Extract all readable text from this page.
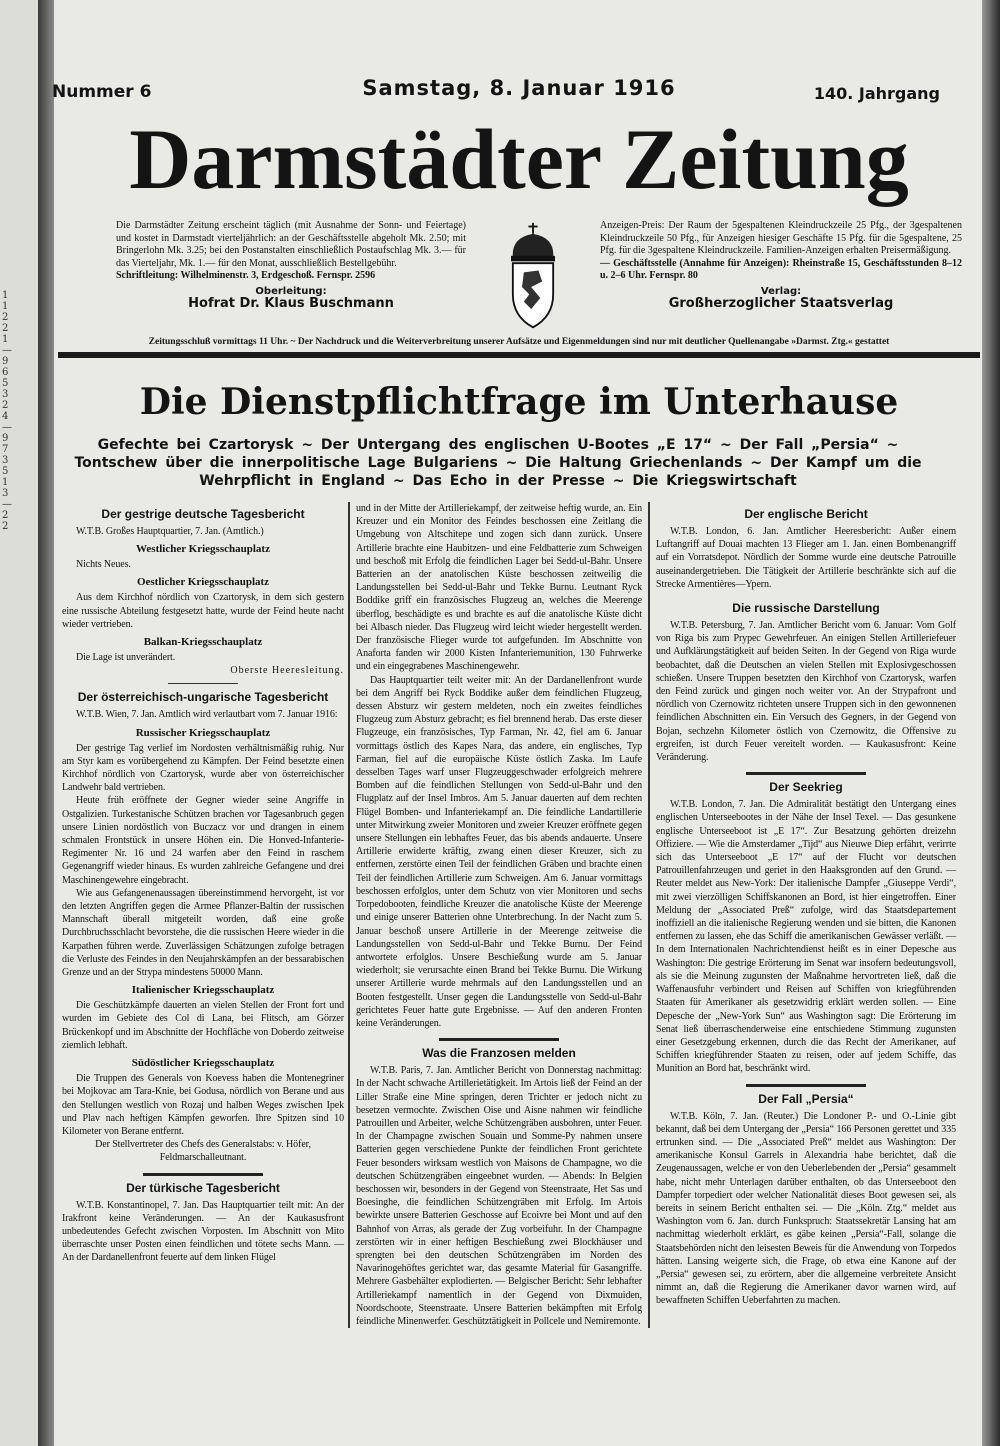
1 1 2 2 1 — 9 6 5 3 2 4 — 9 7 3 5 1 3 — 2 2
Nummer 6	Samstag, 8. Januar 1916	140. Jahrgang
Darmstädter Zeitung
Die Darmstädter Zeitung erscheint täglich (mit Ausnahme der Sonn- und Feiertage) und kostet in Darmstadt vierteljährlich: an der Geschäftsstelle abgeholt Mk. 2.50; mit Bringerlohn Mk. 3.25; bei den Postanstalten einschließlich Postaufschlag Mk. 3.— für das Vierteljahr, Mk. 1.— für den Monat, ausschließlich Bestellgebühr.
Schriftleitung: Wilhelminenstr. 3, Erdgeschoß. Fernspr. 2596
Oberleitung:
Hofrat Dr. Klaus Buschmann
Anzeigen-Preis: Der Raum der 5gespaltenen Kleindruckzeile 25 Pfg., der 3gespaltenen Kleindruckzeile 50 Pfg., für Anzeigen hiesiger Geschäfte 15 Pfg. für die 5gespaltene, 25 Pfg. für die 3gespaltene Kleindruckzeile. Familien-Anzeigen erhalten Preisermäßigung.
— Geschäftsstelle (Annahme für Anzeigen): Rheinstraße 15, Geschäftsstunden 8–12 u. 2–6 Uhr. Fernspr. 80
Verlag:
Großherzoglicher Staatsverlag
Zeitungsschluß vormittags 11 Uhr. ~ Der Nachdruck und die Weiterverbreitung unserer Aufsätze und Eigenmeldungen sind nur mit deutlicher Quellenangabe »Darmst. Ztg.« gestattet
Die Dienstpflichtfrage im Unterhause
Gefechte bei Czartorysk ~ Der Untergang des englischen U-Bootes „E 17“ ~ Der Fall „Persia“ ~ Tontschew über die innerpolitische Lage Bulgariens ~ Die Haltung Griechenlands ~ Der Kampf um die Wehrpflicht in England ~ Das Echo in der Presse ~ Die Kriegswirtschaft
Der gestrige deutsche Tagesbericht

W.T.B. Großes Hauptquartier, 7. Jan. (Amtlich.)

Westlicher Kriegsschauplatz

Nichts Neues.

Oestlicher Kriegsschauplatz

Aus dem Kirchhof nördlich von Czartorysk, in dem sich gestern eine russische Abteilung festgesetzt hatte, wurde der Feind heute nacht wieder vertrieben.

Balkan-Kriegsschauplatz

Die Lage ist unverändert.

Oberste Heeresleitung.
Der österreichisch-ungarische Tagesbericht

W.T.B. Wien, 7. Jan. Amtlich wird verlautbart vom 7. Januar 1916:

Russischer Kriegsschauplatz

Der gestrige Tag verlief im Nordosten verhältnismäßig ruhig. Nur am Styr kam es vorübergehend zu Kämpfen. Der Feind besetzte einen Kirchhof nördlich von Czartorysk, wurde aber von österreichischer Landwehr bald vertrieben.

Heute früh eröffnete der Gegner wieder seine Angriffe in Ostgalizien. Turkestanische Schützen brachen vor Tagesanbruch gegen unsere Linien nordöstlich von Buczacz vor und drangen in einem schmalen Frontstück in unsere Höhen ein. Die Honved-Infanterie-Regimenter Nr. 16 und 24 warfen aber den Feind in raschem Gegenangriff wieder hinaus. Es wurden zahlreiche Gefangene und drei Maschinengewehre eingebracht.

Wie aus Gefangenenaussagen übereinstimmend hervorgeht, ist vor den letzten Angriffen gegen die Armee Pflanzer-Baltin der russischen Mannschaft überall mitgeteilt worden, daß eine große Durchbruchsschlacht bevorstehe, die die russischen Heere wieder in die Karpathen führen werde. Zuverlässigen Schätzungen zufolge betragen die Verluste des Feindes in den Neujahrskämpfen an der bessarabischen Grenze und an der Strypa mindestens 50000 Mann.

Italienischer Kriegsschauplatz

Die Geschützkämpfe dauerten an vielen Stellen der Front fort und wurden im Gebiete des Col di Lana, bei Flitsch, am Görzer Brückenkopf und im Abschnitte der Hochfläche von Doberdo zeitweise ziemlich lebhaft.

Südöstlicher Kriegsschauplatz

Die Truppen des Generals von Koevess haben die Montenegriner bei Mojkovac am Tara-Knie, bei Godusa, nördlich von Berane und aus den Stellungen westlich von Rozaj und halben Weges zwischen Ipek und Plav nach heftigen Kämpfen geworfen. Ihre Spitzen sind 10 Kilometer von Berane entfernt.

Der Stellvertreter des Chefs des Generalstabs: v. Höfer, Feldmarschalleutnant.

Der türkische Tagesbericht

W.T.B. Konstantinopel, 7. Jan. Das Hauptquartier teilt mit: An der Irakfront keine Veränderungen. — An der Kaukasusfront unbedeutendes Gefecht zwischen Vorposten. Im Abschnitt von Mito überraschte unser Posten einen feindlichen und tötete sechs Mann. — An der Dardanellenfront feuerte auf dem linken Flügel

und in der Mitte der Artilleriekampf, der zeitweise heftig wurde, an. Ein Kreuzer und ein Monitor des Feindes beschossen eine Zeitlang die Umgebung von Altschitepe und zogen sich dann zurück. Unsere Artillerie brachte eine Haubitzen- und eine Feldbatterie zum Schweigen und beschoß mit Erfolg die feindlichen Lager bei Sedd-ul-Bahr. Unsere Batterien an der anatolischen Küste beschossen zeitweilig die Landungsstellen bei Sedd-ul-Bahr und Tekke Burnu. Leutnant Ryck Boddike griff ein französisches Flugzeug an, welches die Meerenge überflog, beschädigte es und brachte es auf die anatolische Küste dicht bei Albasch nieder. Das Flugzeug wird leicht wieder hergestellt werden. Der französische Flieger wurde tot aufgefunden. Im Abschnitte von Anaforta fanden wir 2000 Kisten Infanteriemunition, 130 Fuhrwerke und ein eingegrabenes Maschinengewehr.

Das Hauptquartier teilt weiter mit: An der Dardanellenfront wurde bei dem Angriff bei Ryck Boddike außer dem feindlichen Flugzeug, dessen Absturz wir gestern meldeten, noch ein zweites feindliches Flugzeug zum Absturz gebracht; es fiel brennend herab. Das erste dieser Flugzeuge, ein französisches, Typ Farman, Nr. 42, fiel am 6. Januar vormittags östlich des Kapes Nara, das andere, ein englisches, Typ Farman, fiel auf die europäische Küste östlich Zaska. Im Laufe desselben Tages warf unser Flugzeuggeschwader erfolgreich mehrere Bomben auf die feindlichen Stellungen von Sedd-ul-Bahr und den Flugplatz auf der Insel Imbros. Am 5. Januar dauerten auf dem rechten Flügel Bomben- und Infanteriekampf an. Die feindliche Landartillerie unter Mitwirkung zweier Monitoren und zweier Kreuzer eröffnete gegen unsere Stellungen ein lebhaftes Feuer, das bis abends andauerte. Unsere Artillerie erwiderte kräftig, zwang einen dieser Kreuzer, sich zu entfernen, zerstörte einen Teil der feindlichen Gräben und brachte einen Teil der feindlichen Artillerie zum Schweigen. Am 6. Januar vormittags beschossen erfolglos, unter dem Schutz von vier Monitoren und sechs Torpedobooten, feindliche Kreuzer die anatolische Küste der Meerenge und einige unserer Batterien ohne Unterbrechung. In der Nacht zum 5. Januar beschoß unsere Artillerie in der Meerenge zeitweise die Landungsstellen von Sedd-ul-Bahr und Tekke Burnu. Der Feind antwortete erfolglos. Unsere Beschießung wurde am 5. Januar wiederholt; sie verursachte einen Brand bei Tekke Burnu. Die Wirkung unserer Artillerie wurde mehrmals auf den Landungsstellen und an Booten festgestellt. Unser gegen die Landungsstelle von Sedd-ul-Bahr gerichtetes Feuer hatte gute Ergebnisse. — Auf den anderen Fronten keine Veränderungen.

Was die Franzosen melden

W.T.B. Paris, 7. Jan. Amtlicher Bericht von Donnerstag nachmittag: In der Nacht schwache Artillerietätigkeit. Im Artois ließ der Feind an der Liller Straße eine Mine springen, deren Trichter er jedoch nicht zu besetzen vermochte. Zwischen Oise und Aisne nahmen wir feindliche Patrouillen und Arbeiter, welche Schützengräben ausbohren, unter Feuer. In der Champagne zwischen Souain und Somme-Py nahmen unsere Batterien gegen verschiedene Punkte der feindlichen Front gerichtete Feuer besonders wirksam westlich von Maisons de Champagne, wo die deutschen Schützengräben eingeebnet wurden. — Abends: In Belgien beschossen wir, besonders in der Gegend von Steenstraate, Het Sas und Boesinghe, die feindlichen Schützengräben mit Erfolg. Im Artois bewirkte unsere Batterien Geschosse auf Ecoivre bei Mont und auf den Bahnhof von Arras, als gerade der Zug vorbeifuhr. In der Champagne zerstörten wir in einer heftigen Beschießung zwei Blockhäuser und sprengten bei den deutschen Schützengräben im Norden des Navarinogehöftes gerichtet war, das gesamte Material für Gasangriffe. Mehrere Gasbehälter explodierten. — Belgischer Bericht: Sehr lebhafter Artilleriekampf namentlich in der Gegend von Dixmuiden, Noordschoote, Steenstraate. Unsere Batterien bekämpften mit Erfolg feindliche Minenwerfer. Geschütztätigkeit in Pollcele und Nemiremonte.

Der englische Bericht

W.T.B. London, 6. Jan. Amtlicher Heeresbericht: Außer einem Luftangriff auf Douai machten 13 Flieger am 1. Jan. einen Bombenangriff auf ein Vorratsdepot. Nördlich der Somme wurde eine deutsche Patrouille auseinandergetrieben. Die Tätigkeit der Artillerie beschränkte sich auf die Strecke Armentières—Ypern.

Die russische Darstellung

W.T.B. Petersburg, 7. Jan. Amtlicher Bericht vom 6. Januar: Vom Golf von Riga bis zum Prypec Gewehrfeuer. An einigen Stellen Artilleriefeuer und Aufklärungstätigkeit auf beiden Seiten. In der Gegend von Riga wurde beobachtet, daß die Deutschen an vielen Stellen mit Explosivgeschossen schießen. Unsere Truppen besetzten den Kirchhof von Czartorysk, warfen den Feind zurück und gingen noch weiter vor. An der Strypafront und nördlich von Czernowitz richteten unsere Truppen sich in den gewonnenen feindlichen Abschnitten ein. Ein Versuch des Gegners, in der Gegend von Bojan, sechzehn Kilometer östlich von Czernowitz, die Offensive zu ergreifen, ist durch Feuer vereitelt worden. — Kaukasusfront: Keine Veränderung.

Der Seekrieg

W.T.B. London, 7. Jan. Die Admiralität bestätigt den Untergang eines englischen Unterseebootes in der Nähe der Insel Texel. — Das gesunkene englische Unterseeboot ist „E 17“. Zur Besatzung gehörten dreizehn Offiziere. — Wie die Amsterdamer „Tijd“ aus Nieuwe Diep erfährt, verirrte sich das Unterseeboot „E 17“ auf der Flucht vor deutschen Patrouillenfahrzeugen und geriet in den Haaksgronden auf den Grund. — Reuter meldet aus New-York: Der italienische Dampfer „Giuseppe Verdi“, mit zwei vierzölligen Schiffskanonen an Bord, ist hier eingetroffen. Einer Meldung der „Associated Preß“ zufolge, wird das Staatsdepartement inoffiziell an die italienische Regierung wenden und sie bitten, die Kanonen entfernen zu lassen, ehe das Schiff die amerikanischen Gewässer verläßt. — In dem Internationalen Nachrichtendienst heißt es in einer Depesche aus Washington: Die gestrige Erörterung im Senat war insofern bedeutungsvoll, als sie die Meinung zugunsten der Maßnahme hervortreten ließ, daß die Waffenausfuhr verbindert und Reisen auf Schiffen von kriegführenden Staaten für Amerikaner als gesetzwidrig erklärt werden sollen. — Eine Depesche der „New-York Sun“ aus Washington sagt: Die Erörterung im Senat ließ überraschenderweise eine entschiedene Stimmung zugunsten einer Gesetzgebung erkennen, durch die das Recht der Amerikaner, auf Schiffen kriegführender Staaten zu reisen, oder auf jedem Schiffe, das Munition an Bord hat, beschränkt wird.

Der Fall „Persia“

W.T.B. Köln, 7. Jan. (Reuter.) Die Londoner P.- und O.-Linie gibt bekannt, daß bei dem Untergang der „Persia“ 166 Personen gerettet und 335 ertrunken sind. — Die „Associated Preß“ meldet aus Washington: Der amerikanische Konsul Garrels in Alexandria habe berichtet, daß die Zeugenaussagen, welche er von den Ueberlebenden der „Persia“ gesammelt habe, nicht mehr Unterlagen darüber enthalten, ob das Unterseeboot den Dampfer torpediert oder welcher Nationalität dieses Boot gewesen sei, als bereits in seinem Bericht enthalten sei. — Die „Köln. Ztg.“ meldet aus Washington vom 6. Jan. durch Funkspruch: Staatssekretär Lansing hat am nachmittag wiederholt erklärt, es gäbe keinen „Persia“-Fall, solange die Staatsbehörden nicht den leisesten Beweis für die Anwendung von Torpedos hätten. Lansing weigerte sich, die Frage, ob etwa eine Kanone auf der „Persia“ gewesen sei, zu erörtern, aber die allgemeine verbreitete Ansicht nimmt an, daß die Regierung die Amerikaner davor warnen wird, auf bewaffneten Schiffen Ueberfahrten zu machen.
